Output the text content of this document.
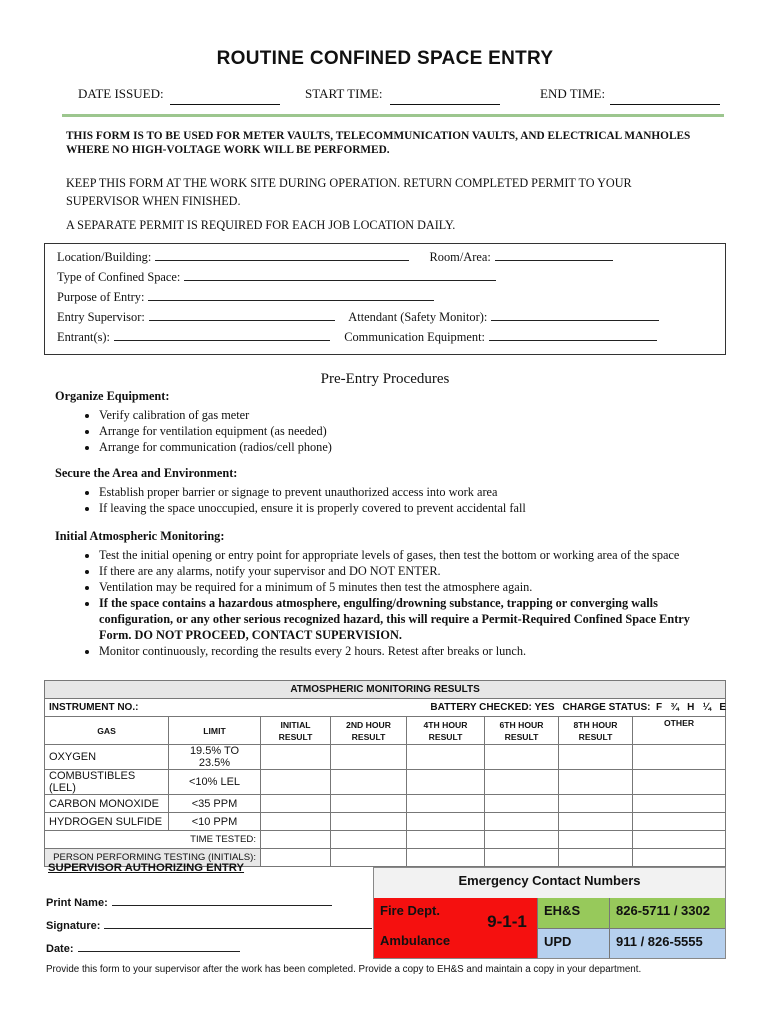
ROUTINE CONFINED SPACE ENTRY
DATE ISSUED:	START TIME:	END TIME:
THIS FORM IS TO BE USED FOR METER VAULTS, TELECOMMUNICATION VAULTS, AND ELECTRICAL MANHOLES WHERE NO HIGH-VOLTAGE WORK WILL BE PERFORMED.
KEEP THIS FORM AT THE WORK SITE DURING OPERATION. RETURN COMPLETED PERMIT TO YOUR SUPERVISOR WHEN FINISHED.
A SEPARATE PERMIT IS REQUIRED FOR EACH JOB LOCATION DAILY.
Location/Building:	Room/Area:
Type of Confined Space:
Purpose of Entry:
Entry Supervisor:	Attendant (Safety Monitor):
Entrant(s):	Communication Equipment:
Pre-Entry Procedures
Organize Equipment:
• Verify calibration of gas meter
• Arrange for ventilation equipment (as needed)
• Arrange for communication (radios/cell phone)
Secure the Area and Environment:
• Establish proper barrier or signage to prevent unauthorized access into work area
• If leaving the space unoccupied, ensure it is properly covered to prevent accidental fall
Initial Atmospheric Monitoring:
• Test the initial opening or entry point for appropriate levels of gases, then test the bottom or working area of the space
• If there are any alarms, notify your supervisor and DO NOT ENTER.
• Ventilation may be required for a minimum of 5 minutes then test the atmosphere again.
• If the space contains a hazardous atmosphere, engulfing/drowning substance, trapping or converging walls configuration, or any other serious recognized hazard, this will require a Permit-Required Confined Space Entry Form. DO NOT PROCEED, CONTACT SUPERVISION.
• Monitor continuously, recording the results every 2 hours. Retest after breaks or lunch.
ATMOSPHERIC MONITORING RESULTS							
INSTRUMENT NO.:			BATTERY CHECKED: YES			CHARGE STATUS:  F   ¾   H   ¼   E	
GAS	LIMIT	INITIAL RESULT	2ND HOUR RESULT	4TH HOUR RESULT	6TH HOUR RESULT	8TH HOUR RESULT	OTHER
OXYGEN	19.5% TO 23.5%						
COMBUSTIBLES (LEL)	<10% LEL						
CARBON MONOXIDE	<35 PPM						
HYDROGEN SULFIDE	<10 PPM						
TIME TESTED:							
PERSON PERFORMING TESTING (INITIALS):							
SUPERVISOR AUTHORIZING ENTRY
Print Name:
Signature:
Date:
Emergency Contact Numbers
Fire Dept.
Ambulance
9-1-1
EH&S	826-5711 / 3302
UPD	911 / 826-5555
Provide this form to your supervisor after the work has been completed. Provide a copy to EH&S and maintain a copy in your department.
